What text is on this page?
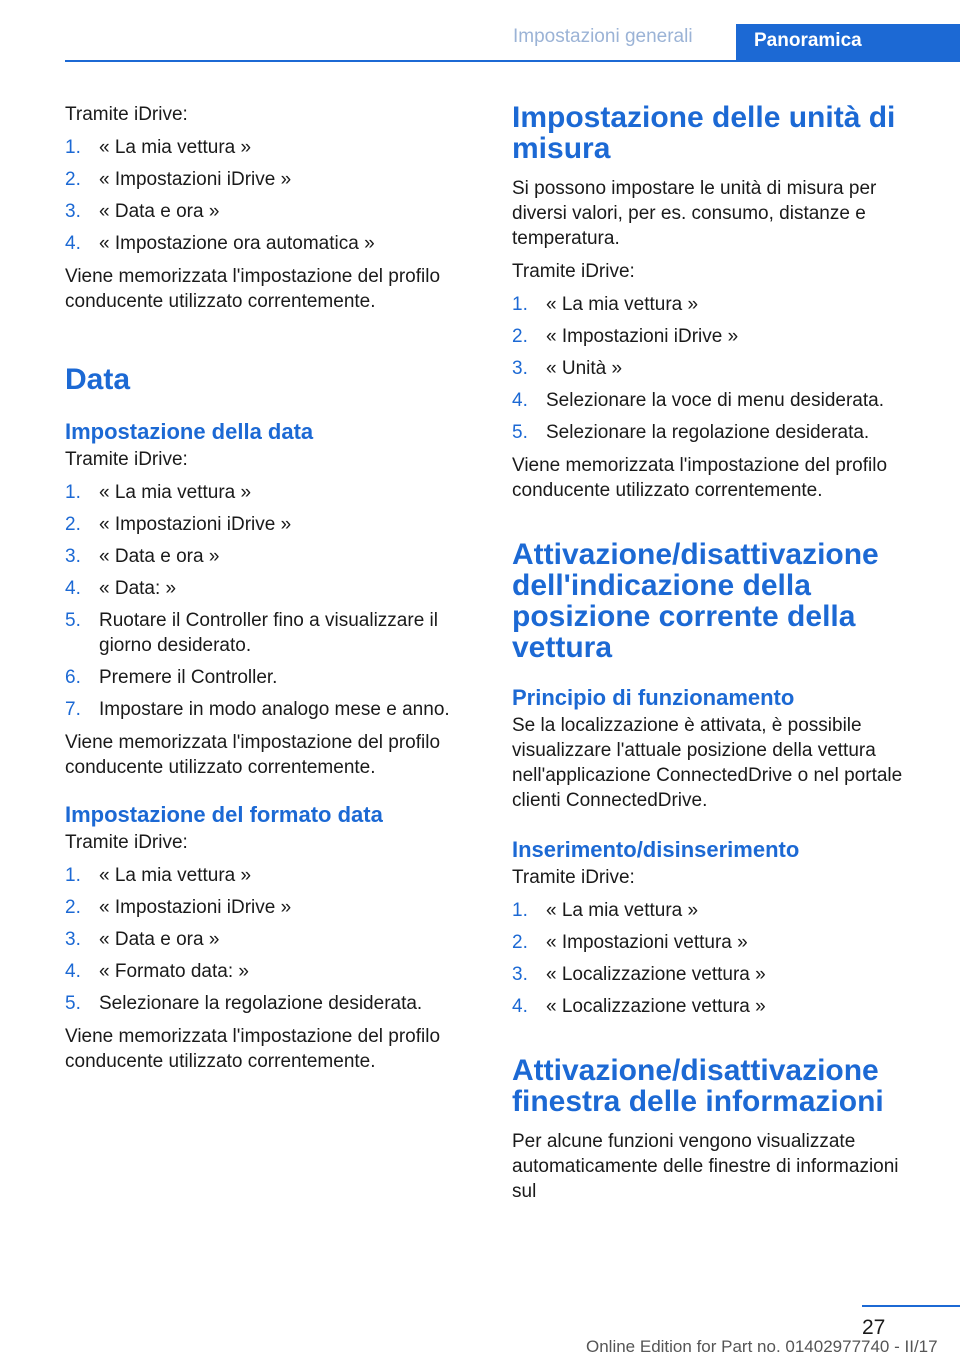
Impostazioni generali	Panoramica

Tramite iDrive:

1. « La mia vettura »
2. « Impostazioni iDrive »
3. « Data e ora »
4. « Impostazione ora automatica »

Viene memorizzata l'impostazione del profilo conducente utilizzato correntemente.

Data
Impostazione della data

Tramite iDrive:

1. « La mia vettura »
2. « Impostazioni iDrive »
3. « Data e ora »
4. « Data: »
5. Ruotare il Controller fino a visualizzare il giorno desiderato.
6. Premere il Controller.
7. Impostare in modo analogo mese e anno.

Viene memorizzata l'impostazione del profilo conducente utilizzato correntemente.

Impostazione del formato data

Tramite iDrive:

1. « La mia vettura »
2. « Impostazioni iDrive »
3. « Data e ora »
4. « Formato data: »
5. Selezionare la regolazione desiderata.

Viene memorizzata l'impostazione del profilo conducente utilizzato correntemente.

Impostazione delle unità di misura

Si possono impostare le unità di misura per diversi valori, per es. consumo, distanze e temperatura.

Tramite iDrive:

1. « La mia vettura »
2. « Impostazioni iDrive »
3. « Unità »
4. Selezionare la voce di menu desiderata.
5. Selezionare la regolazione desiderata.

Viene memorizzata l'impostazione del profilo conducente utilizzato correntemente.

Attivazione/disattivazione dell'indicazione della posizione corrente della vettura
Principio di funzionamento

Se la localizzazione è attivata, è possibile visualizzare l'attuale posizione della vettura nell'applicazione ConnectedDrive o nel portale clienti ConnectedDrive.

Inserimento/disinserimento

Tramite iDrive:

1. « La mia vettura »
2. « Impostazioni vettura »
3. « Localizzazione vettura »
4. « Localizzazione vettura »
Attivazione/disattivazione finestra delle informazioni

Per alcune funzioni vengono visualizzate automaticamente delle finestre di informazioni sul

27
Online Edition for Part no. 01402977740 - II/17
